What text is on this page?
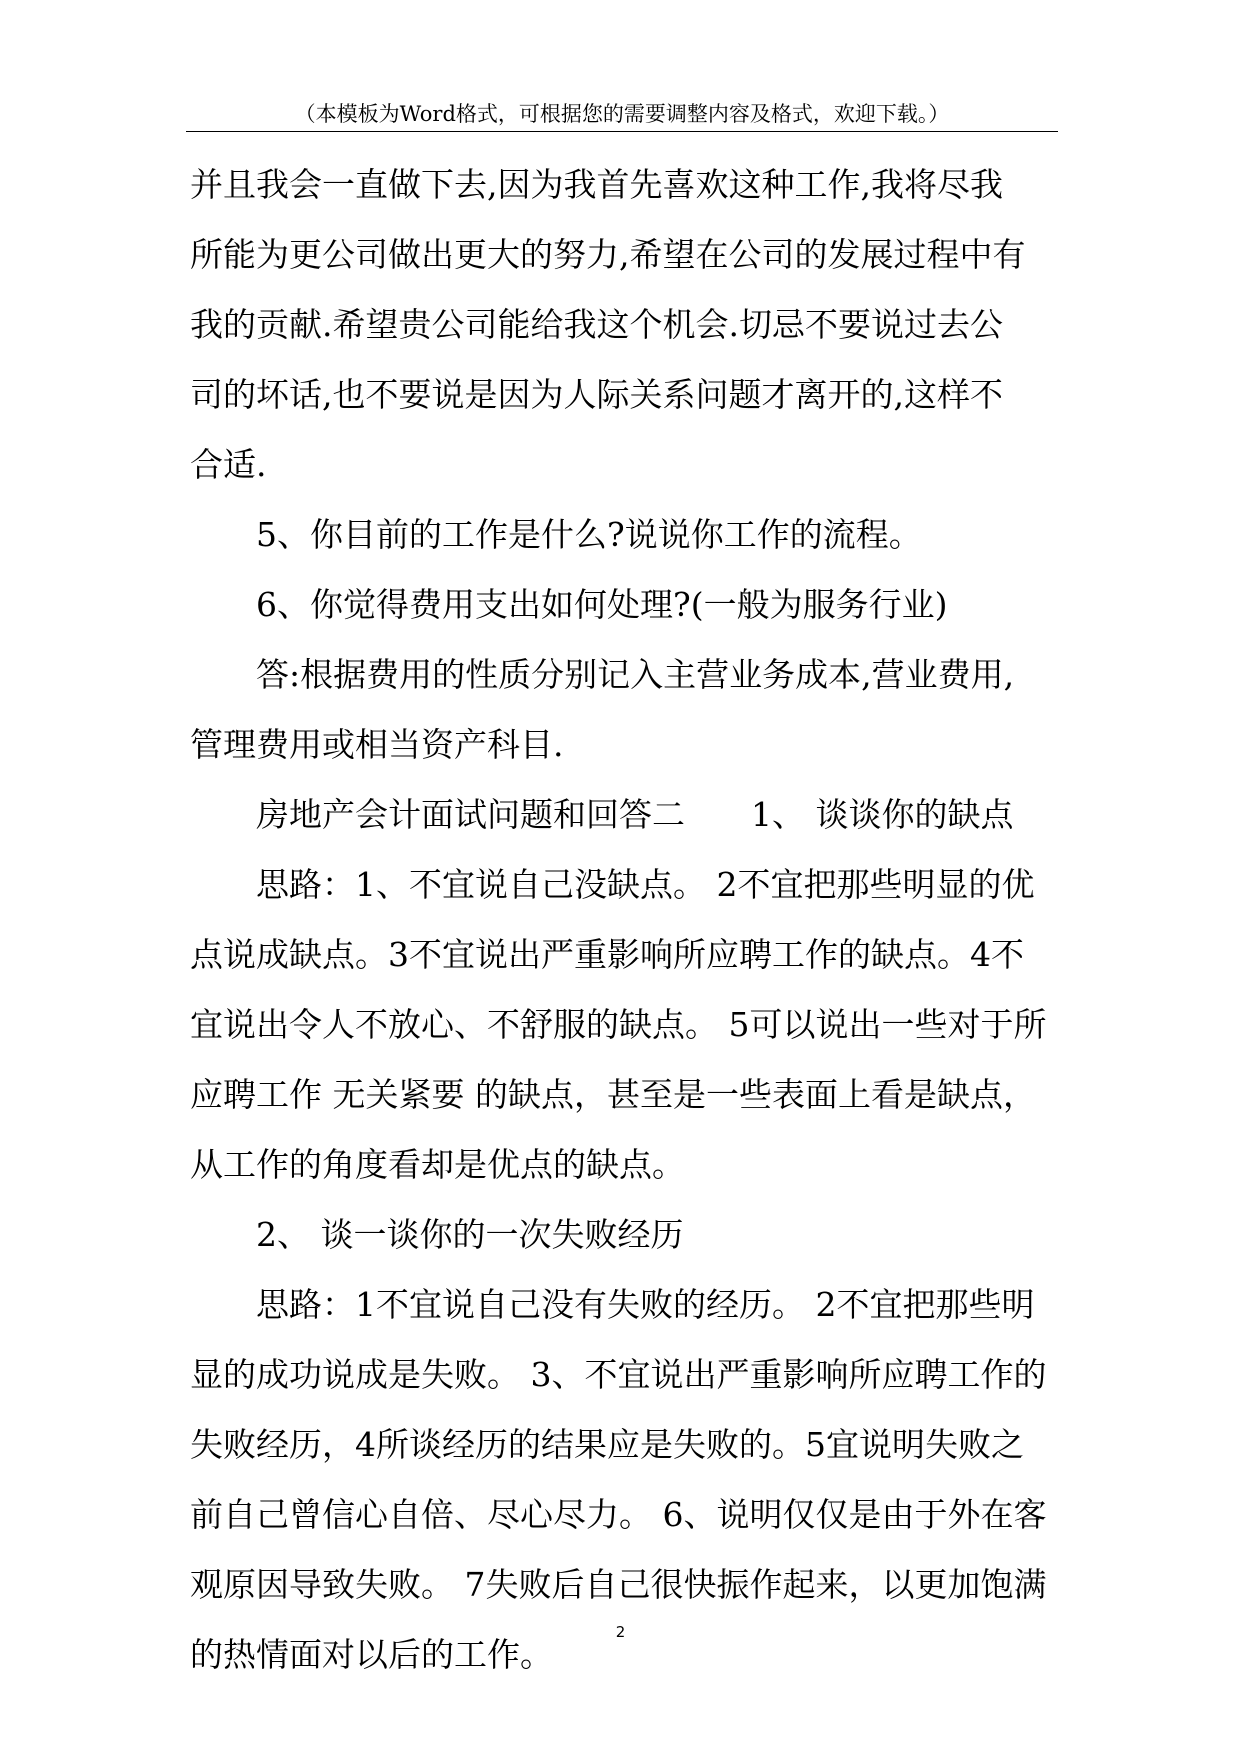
（本模板为Word格式，可根据您的需要调整内容及格式，欢迎下载。）
并且我会一直做下去,因为我首先喜欢这种工作,我将尽我
所能为更公司做出更大的努力,希望在公司的发展过程中有
我的贡献.希望贵公司能给我这个机会.切忌不要说过去公
司的坏话,也不要说是因为人际关系问题才离开的,这样不
合适.
5、你目前的工作是什么?说说你工作的流程。
6、你觉得费用支出如何处理?(一般为服务行业)
答:根据费用的性质分别记入主营业务成本,营业费用,
管理费用或相当资产科目.
房地产会计面试问题和回答二　　1、 谈谈你的缺点
思路：1、不宜说自己没缺点。 2不宜把那些明显的优
点说成缺点。3不宜说出严重影响所应聘工作的缺点。4不
宜说出令人不放心、不舒服的缺点。 5可以说出一些对于所
应聘工作 无关紧要 的缺点，甚至是一些表面上看是缺点，
从工作的角度看却是优点的缺点。
2、 谈一谈你的一次失败经历
思路：1不宜说自己没有失败的经历。 2不宜把那些明
显的成功说成是失败。 3、不宜说出严重影响所应聘工作的
失败经历，4所谈经历的结果应是失败的。5宜说明失败之
前自己曾信心自倍、尽心尽力。 6、说明仅仅是由于外在客
观原因导致失败。 7失败后自己很快振作起来，以更加饱满
的热情面对以后的工作。
2
